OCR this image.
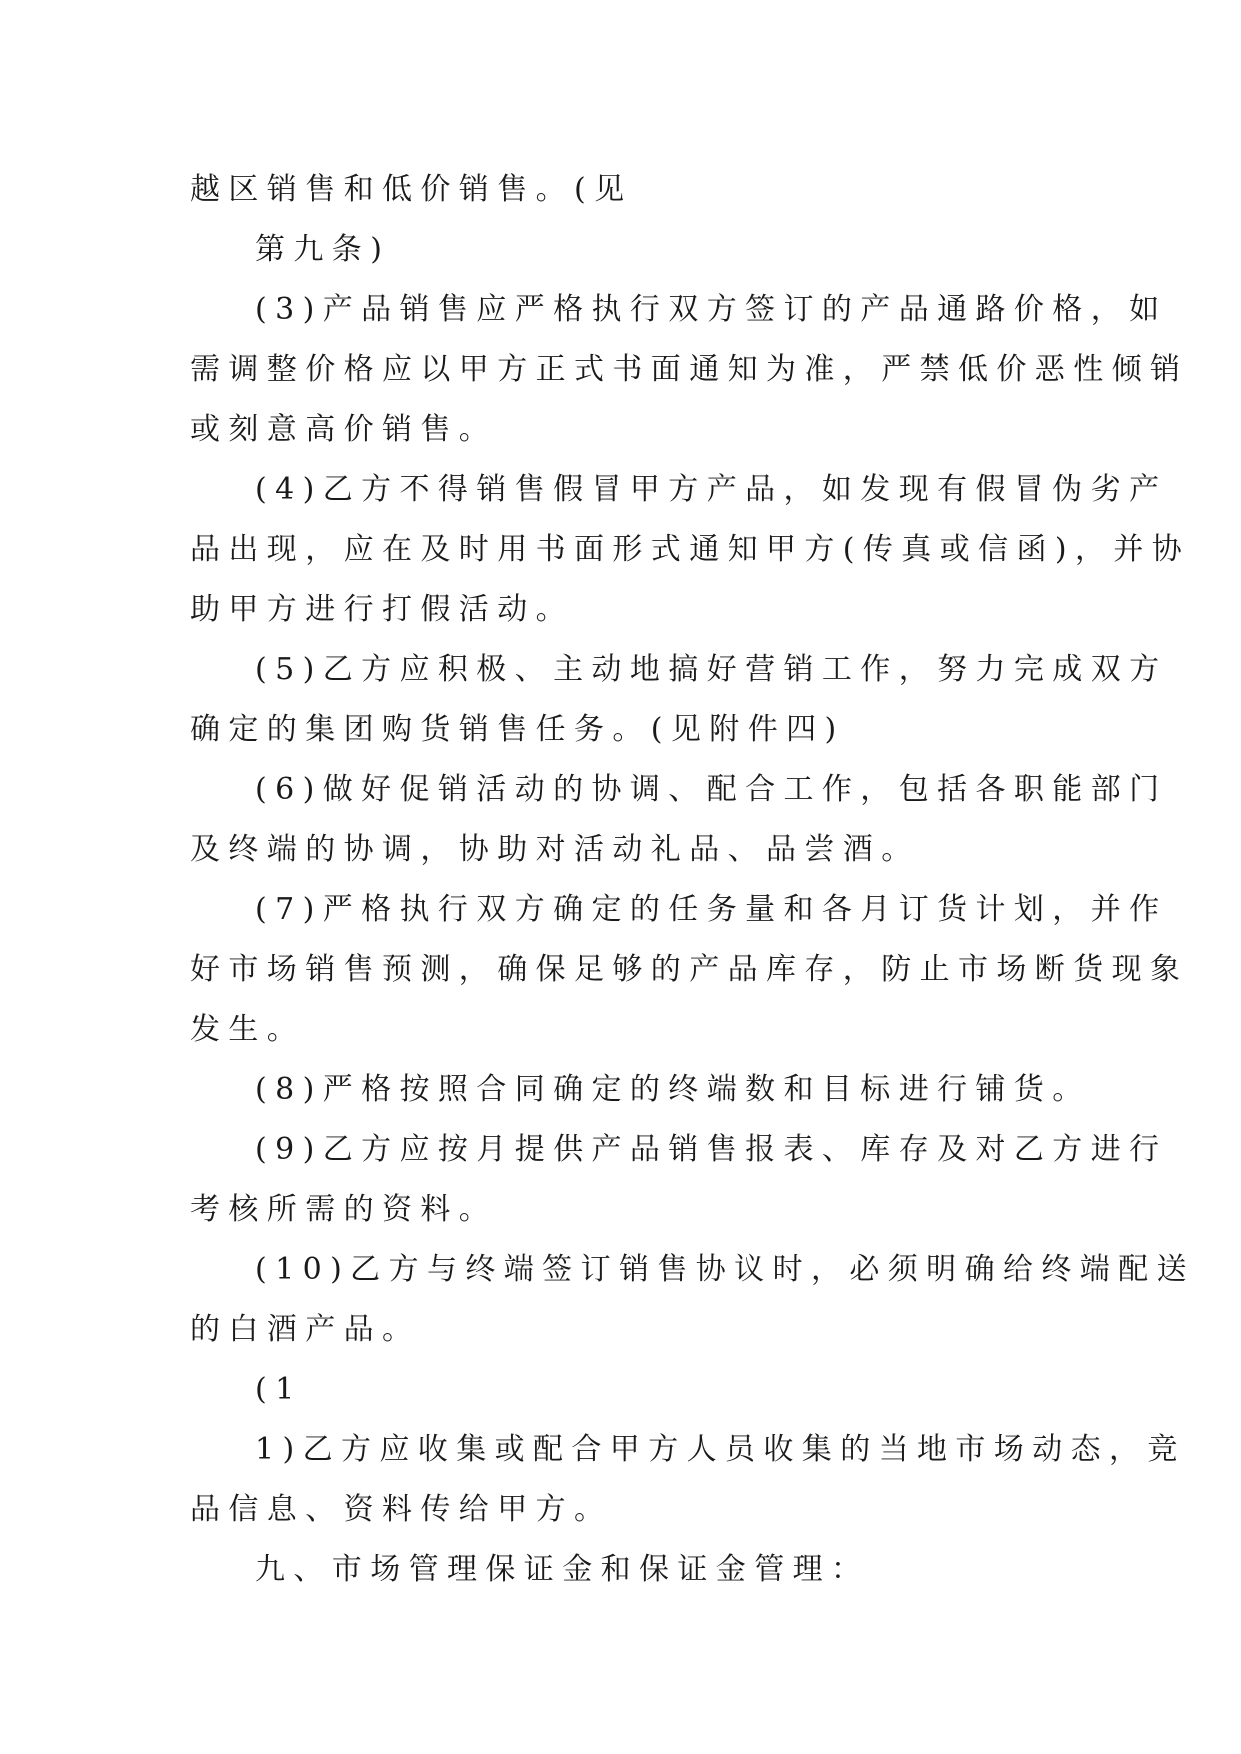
越区销售和低价销售。(见
第九条)
(3)产品销售应严格执行双方签订的产品通路价格，如
需调整价格应以甲方正式书面通知为准，严禁低价恶性倾销
或刻意高价销售。
(4)乙方不得销售假冒甲方产品，如发现有假冒伪劣产
品出现，应在及时用书面形式通知甲方(传真或信函)，并协
助甲方进行打假活动。
(5)乙方应积极、主动地搞好营销工作，努力完成双方
确定的集团购货销售任务。(见附件四)
(6)做好促销活动的协调、配合工作，包括各职能部门
及终端的协调，协助对活动礼品、品尝酒。
(7)严格执行双方确定的任务量和各月订货计划，并作
好市场销售预测，确保足够的产品库存，防止市场断货现象
发生。
(8)严格按照合同确定的终端数和目标进行铺货。
(9)乙方应按月提供产品销售报表、库存及对乙方进行
考核所需的资料。
(10)乙方与终端签订销售协议时，必须明确给终端配送
的白酒产品。
(1
1)乙方应收集或配合甲方人员收集的当地市场动态，竞
品信息、资料传给甲方。
九、市场管理保证金和保证金管理：
